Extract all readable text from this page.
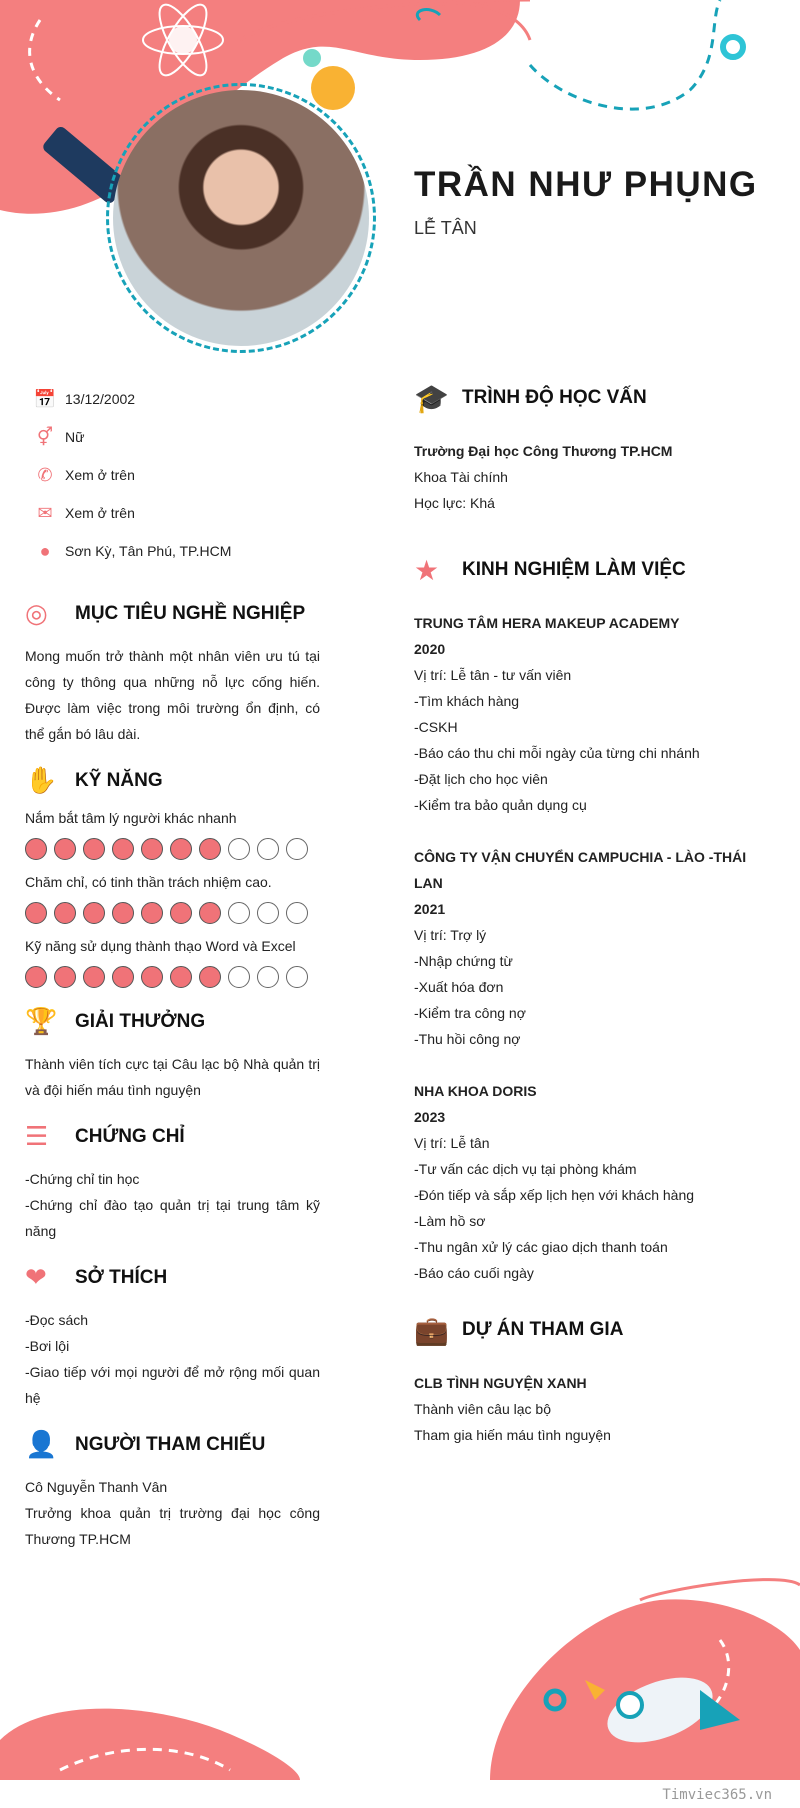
TRẦN NHƯ PHỤNG
LỄ TÂN
📅 13/12/2002
⚥ Nữ
✆ Xem ở trên
✉ Xem ở trên
●	Sơn Kỳ, Tân Phú, TP.HCM
◎	MỤC TIÊU NGHỀ NGHIỆP

Mong muốn trở thành một nhân viên ưu tú tại công ty thông qua những nỗ lực cống hiến. Được làm việc trong môi trường ổn định, có thể gắn bó lâu dài.

✋ KỸ NĂNG

Nắm bắt tâm lý người khác nhanh

Chăm chỉ, có tinh thần trách nhiệm cao.

Kỹ năng sử dụng thành thạo Word và Excel

🏆 GIẢI THƯỞNG

Thành viên tích cực tại Câu lạc bộ Nhà quản trị và đội hiến máu tình nguyện

☰	CHỨNG CHỈ

-Chứng chỉ tin học

-Chứng chỉ đào tạo quản trị tại trung tâm kỹ năng

❤	SỞ THÍCH

-Đọc sách

-Bơi lội

-Giao tiếp với mọi người để mở rộng mối quan hệ

👤 NGƯỜI THAM CHIẾU

Cô Nguyễn Thanh Vân

Trưởng khoa quản trị trường đại học công Thương TP.HCM

🎓 TRÌNH ĐỘ HỌC VẤN

Trường Đại học Công Thương TP.HCM

Khoa Tài chính

Học lực: Khá

★	KINH NGHIỆM LÀM VIỆC

TRUNG TÂM HERA MAKEUP ACADEMY

2020

Vị trí: Lễ tân - tư vấn viên

-Tìm khách hàng

-CSKH

-Báo cáo thu chi mỗi ngày của từng chi nhánh

-Đặt lịch cho học viên

-Kiểm tra bảo quản dụng cụ

CÔNG TY VẬN CHUYỂN CAMPUCHIA - LÀO -THÁI LAN

2021

Vị trí: Trợ lý

-Nhập chứng từ

-Xuất hóa đơn

-Kiểm tra công nợ

-Thu hồi công nợ

NHA KHOA DORIS

2023

Vị trí: Lễ tân

-Tư vấn các dịch vụ tại phòng khám

-Đón tiếp và sắp xếp lịch hẹn với khách hàng

-Làm hồ sơ

-Thu ngân xử lý các giao dịch thanh toán

-Báo cáo cuối ngày

💼 DỰ ÁN THAM GIA

CLB TÌNH NGUYỆN XANH

Thành viên câu lạc bộ

Tham gia hiến máu tình nguyện

Timviec365.vn
